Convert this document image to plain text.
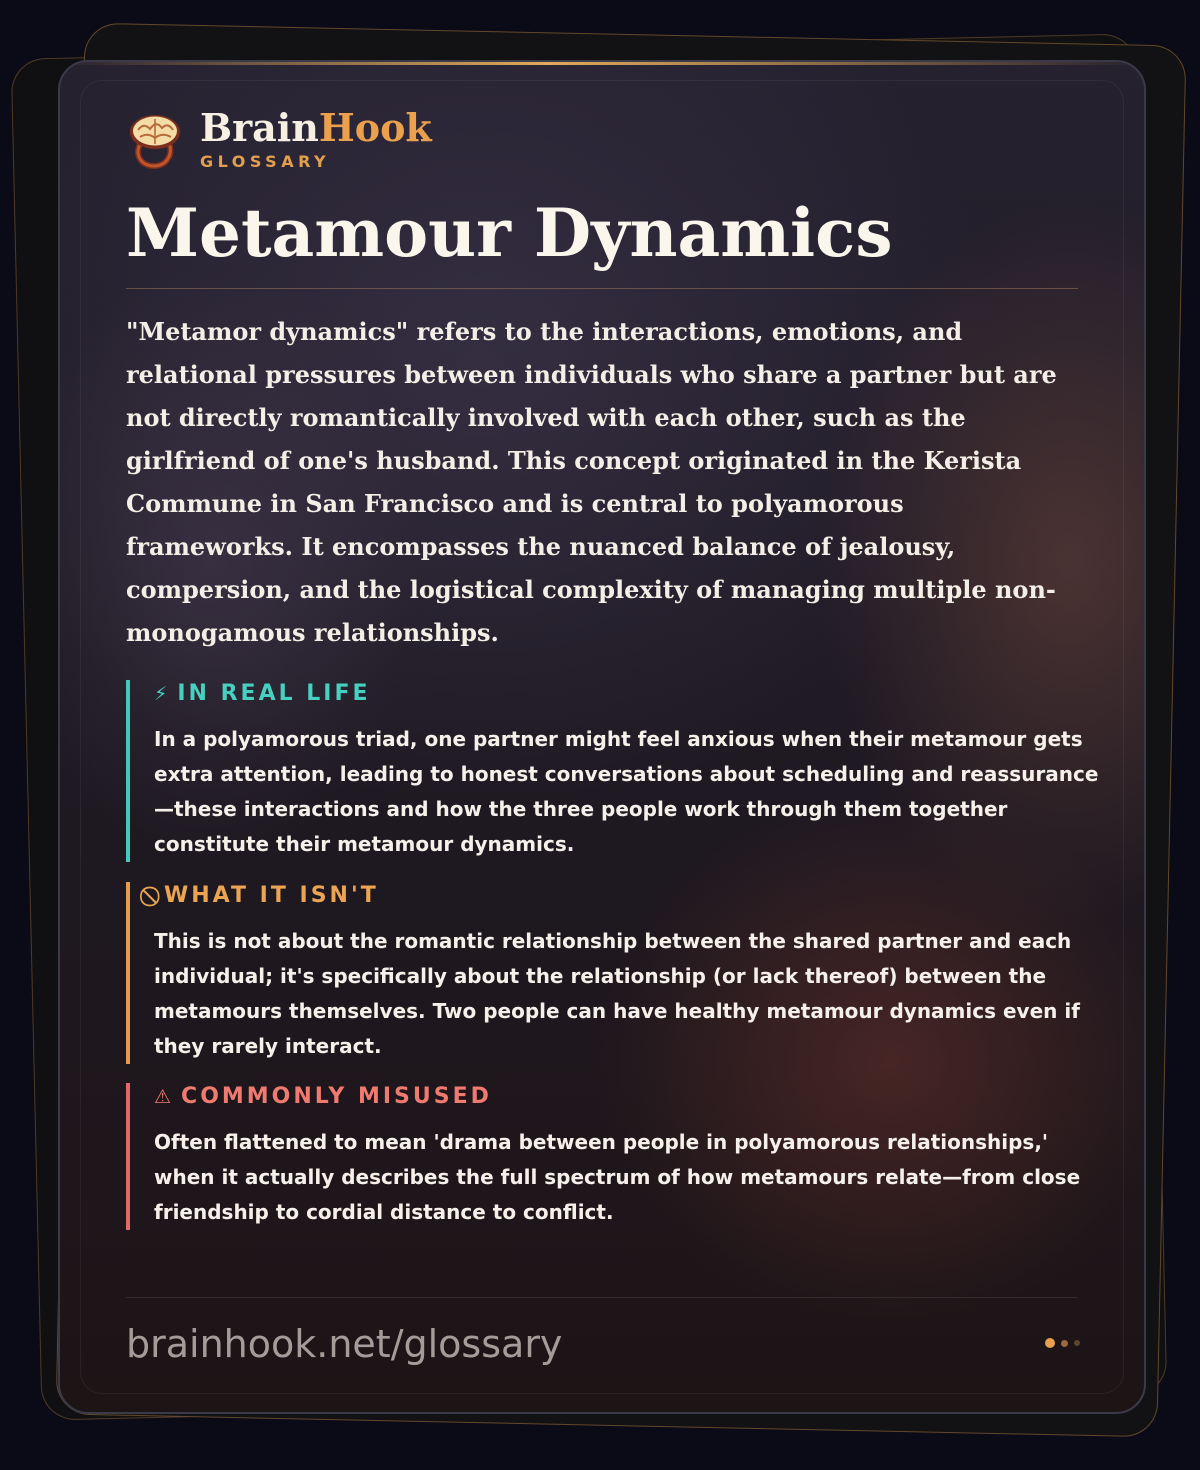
BrainHook
GLOSSARY
Metamour Dynamics

"Metamor dynamics" refers to the interactions, emotions, and relational pressures between individuals who share a partner but are not directly romantically involved with each other, such as the girlfriend of one's husband. This concept originated in the Kerista Commune in San Francisco and is central to polyamorous frameworks. It encompasses the nuanced balance of jealousy, compersion, and the logistical complexity of managing multiple non-monogamous relationships.

⚡ IN REAL LIFE
In a polyamorous triad, one partner might feel anxious when their metamour gets extra attention, leading to honest conversations about scheduling and reassurance—these interactions and how the three people work through them together constitute their metamour dynamics.
WHAT IT ISN'T
This is not about the romantic relationship between the shared partner and each individual; it's specifically about the relationship (or lack thereof) between the metamours themselves. Two people can have healthy metamour dynamics even if they rarely interact.
⚠ COMMONLY MISUSED
Often flattened to mean 'drama between people in polyamorous relationships,' when it actually describes the full spectrum of how metamours relate—from close friendship to cordial distance to conflict.
brainhook.net/glossary
